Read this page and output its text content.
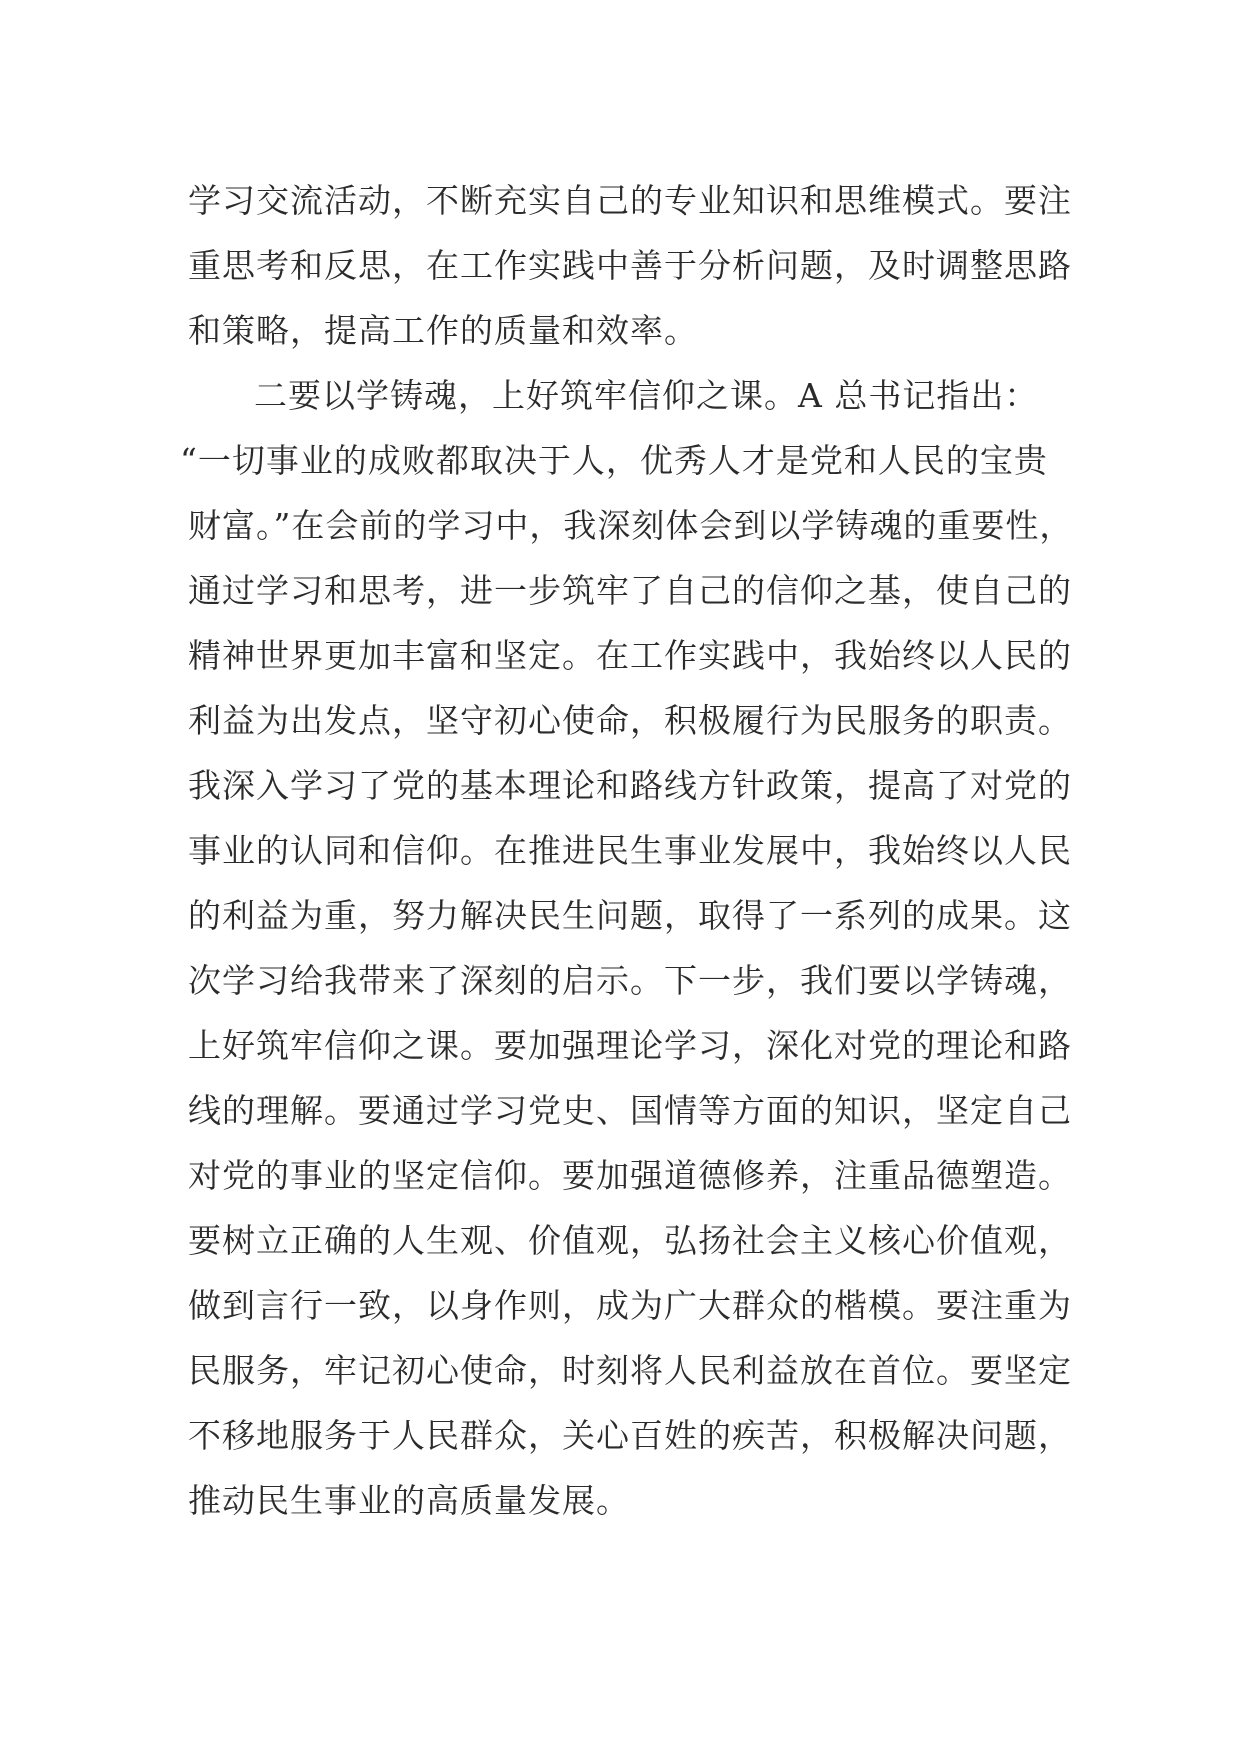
学习交流活动，不断充实自己的专业知识和思维模式。要注
重思考和反思，在工作实践中善于分析问题，及时调整思路
和策略，提高工作的质量和效率。
二要以学铸魂，上好筑牢信仰之课。A 总书记指出：
“一切事业的成败都取决于人，优秀人才是党和人民的宝贵
财富。”在会前的学习中，我深刻体会到以学铸魂的重要性，
通过学习和思考，进一步筑牢了自己的信仰之基，使自己的
精神世界更加丰富和坚定。在工作实践中，我始终以人民的
利益为出发点，坚守初心使命，积极履行为民服务的职责。
我深入学习了党的基本理论和路线方针政策，提高了对党的
事业的认同和信仰。在推进民生事业发展中，我始终以人民
的利益为重，努力解决民生问题，取得了一系列的成果。这
次学习给我带来了深刻的启示。下一步，我们要以学铸魂，
上好筑牢信仰之课。要加强理论学习，深化对党的理论和路
线的理解。要通过学习党史、国情等方面的知识，坚定自己
对党的事业的坚定信仰。要加强道德修养，注重品德塑造。
要树立正确的人生观、价值观，弘扬社会主义核心价值观，
做到言行一致，以身作则，成为广大群众的楷模。要注重为
民服务，牢记初心使命，时刻将人民利益放在首位。要坚定
不移地服务于人民群众，关心百姓的疾苦，积极解决问题，
推动民生事业的高质量发展。
